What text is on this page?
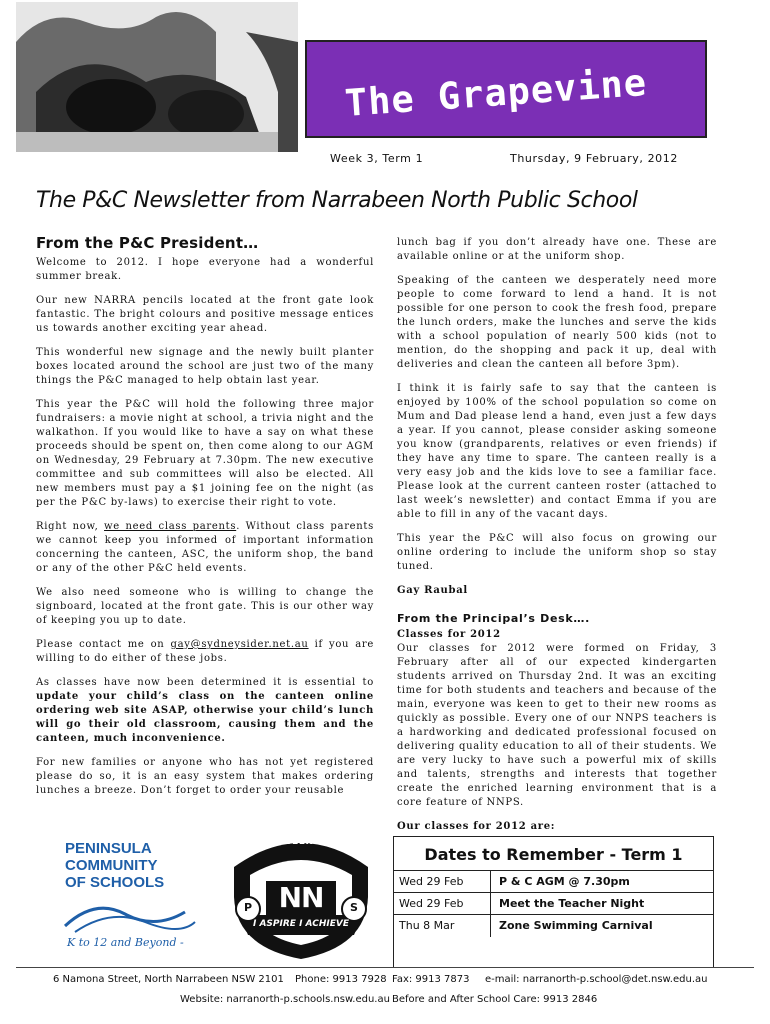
The Grapevine
Week 3, Term 1	Thursday, 9 February, 2012
The P&C Newsletter from Narrabeen North Public School
From the P&C President…

Welcome to 2012. I hope everyone had a wonderful summer break.

Our new NARRA pencils located at the front gate look fantastic. The bright colours and positive message entices us towards another exciting year ahead.

This wonderful new signage and the newly built planter boxes located around the school are just two of the many things the P&C managed to help obtain last year.

This year the P&C will hold the following three major fundraisers: a movie night at school, a trivia night and the walkathon. If you would like to have a say on what these proceeds should be spent on, then come along to our AGM on Wednesday, 29 February at 7.30pm. The new executive committee and sub committees will also be elected. All new members must pay a $1 joining fee on the night (as per the P&C by-laws) to exercise their right to vote.

Right now, we need class parents. Without class parents we cannot keep you informed of important information concerning the canteen, ASC, the uniform shop, the band or any of the other P&C held events.

We also need someone who is willing to change the signboard, located at the front gate. This is our other way of keeping you up to date.

Please contact me on gay@sydneysider.net.au if you are willing to do either of these jobs.

As classes have now been determined it is essential to update your child’s class on the canteen online ordering web site ASAP, otherwise your child’s lunch will go their old classroom, causing them and the canteen, much inconvenience.

For new families or anyone who has not yet registered please do so, it is an easy system that makes ordering lunches a breeze. Don’t forget to order your reusable

lunch bag if you don’t already have one. These are available online or at the uniform shop.

Speaking of the canteen we desperately need more people to come forward to lend a hand. It is not possible for one person to cook the fresh food, prepare the lunch orders, make the lunches and serve the kids with a school population of nearly 500 kids (not to mention, do the shopping and pack it up, deal with deliveries and clean the canteen all before 3pm).

I think it is fairly safe to say that the canteen is enjoyed by 100% of the school population so come on Mum and Dad please lend a hand, even just a few days a year. If you cannot, please consider asking someone you know (grandparents, relatives or even friends) if they have any time to spare. The canteen really is a very easy job and the kids love to see a familiar face. Please look at the current canteen roster (attached to last week’s newsletter) and contact Emma if you are able to fill in any of the vacant days.

This year the P&C will also focus on growing our online ordering to include the uniform shop so stay tuned.

Gay Raubal

From the Principal’s Desk….
Classes for 2012

Our classes for 2012 were formed on Friday, 3 February after all of our expected kindergarten students arrived on Thursday 2nd. It was an exciting time for both students and teachers and because of the main, everyone was keen to get to their new rooms as quickly as possible. Every one of our NNPS teachers is a hardworking and dedicated professional focused on delivering quality education to all of their students. We are very lucky to have such a powerful mix of skills and talents, strengths and interests that together create the enriched learning environment that is a core feature of NNPS.

Our classes for 2012 are:

PENINSULA
COMMUNITY
OF SCHOOLS
K to 12 and Beyond -
NARRABEEN NORTH
NN
P	S
I ASPIRE I ACHIEVE
Dates to Remember - Term 1
Wed 29 Feb	P & C AGM @ 7.30pm
Wed 29 Feb	Meet the Teacher Night
Thu 8 Mar	Zone Swimming Carnival
6 Namona Street, North Narrabeen NSW 2101 Phone: 9913 7928 Fax: 9913 7873 e-mail: narranorth-p.school@det.nsw.edu.au
Website: narranorth-p.schools.nsw.edu.au Before and After School Care: 9913 2846
